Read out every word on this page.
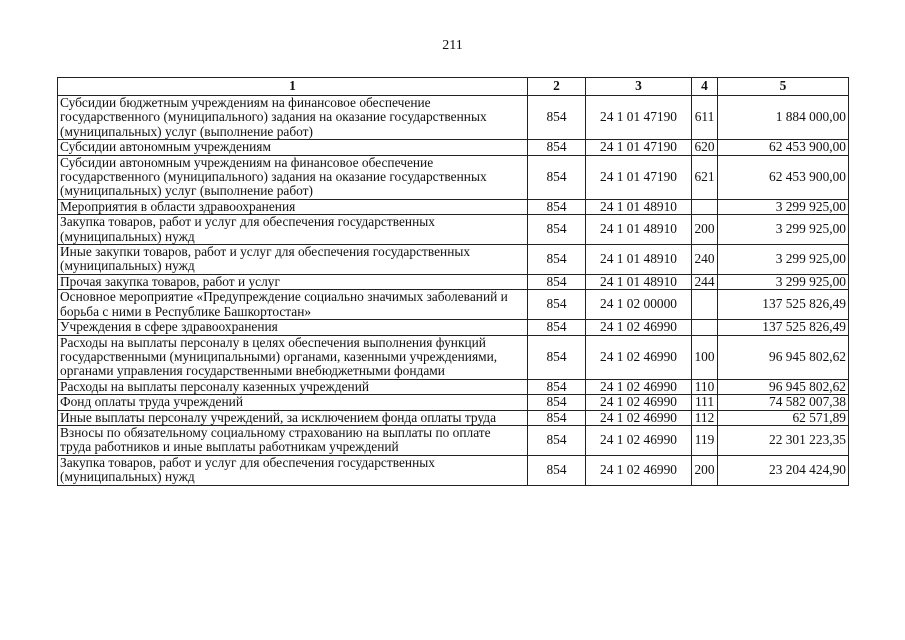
211
1	2	3	4	5
Субсидии бюджетным учреждениям на финансовое обеспечение государственного (муниципального) задания на оказание государственных (муниципальных) услуг (выполнение работ)	854	24 1 01 47190	611	1 884 000,00
Субсидии автономным учреждениям	854	24 1 01 47190	620	62 453 900,00
Субсидии автономным учреждениям на финансовое обеспечение государственного (муниципального) задания на оказание государственных (муниципальных) услуг (выполнение работ)	854	24 1 01 47190	621	62 453 900,00
Мероприятия в области здравоохранения	854	24 1 01 48910		3 299 925,00
Закупка товаров, работ и услуг для обеспечения государственных (муниципальных) нужд	854	24 1 01 48910	200	3 299 925,00
Иные закупки товаров, работ и услуг для обеспечения государственных (муниципальных) нужд	854	24 1 01 48910	240	3 299 925,00
Прочая закупка товаров, работ и услуг	854	24 1 01 48910	244	3 299 925,00
Основное мероприятие «Предупреждение социально значимых заболеваний и борьба с ними в Республике Башкортостан»	854	24 1 02 00000		137 525 826,49
Учреждения в сфере здравоохранения	854	24 1 02 46990		137 525 826,49
Расходы на выплаты персоналу в целях обеспечения выполнения функций государственными (муниципальными) органами, казенными учреждениями, органами управления государственными внебюджетными фондами	854	24 1 02 46990	100	96 945 802,62
Расходы на выплаты персоналу казенных учреждений	854	24 1 02 46990	110	96 945 802,62
Фонд оплаты труда учреждений	854	24 1 02 46990	111	74 582 007,38
Иные выплаты персоналу учреждений, за исключением фонда оплаты труда	854	24 1 02 46990	112	62 571,89
Взносы по обязательному социальному страхованию на выплаты по оплате труда работников и иные выплаты работникам учреждений	854	24 1 02 46990	119	22 301 223,35
Закупка товаров, работ и услуг для обеспечения государственных (муниципальных) нужд	854	24 1 02 46990	200	23 204 424,90
